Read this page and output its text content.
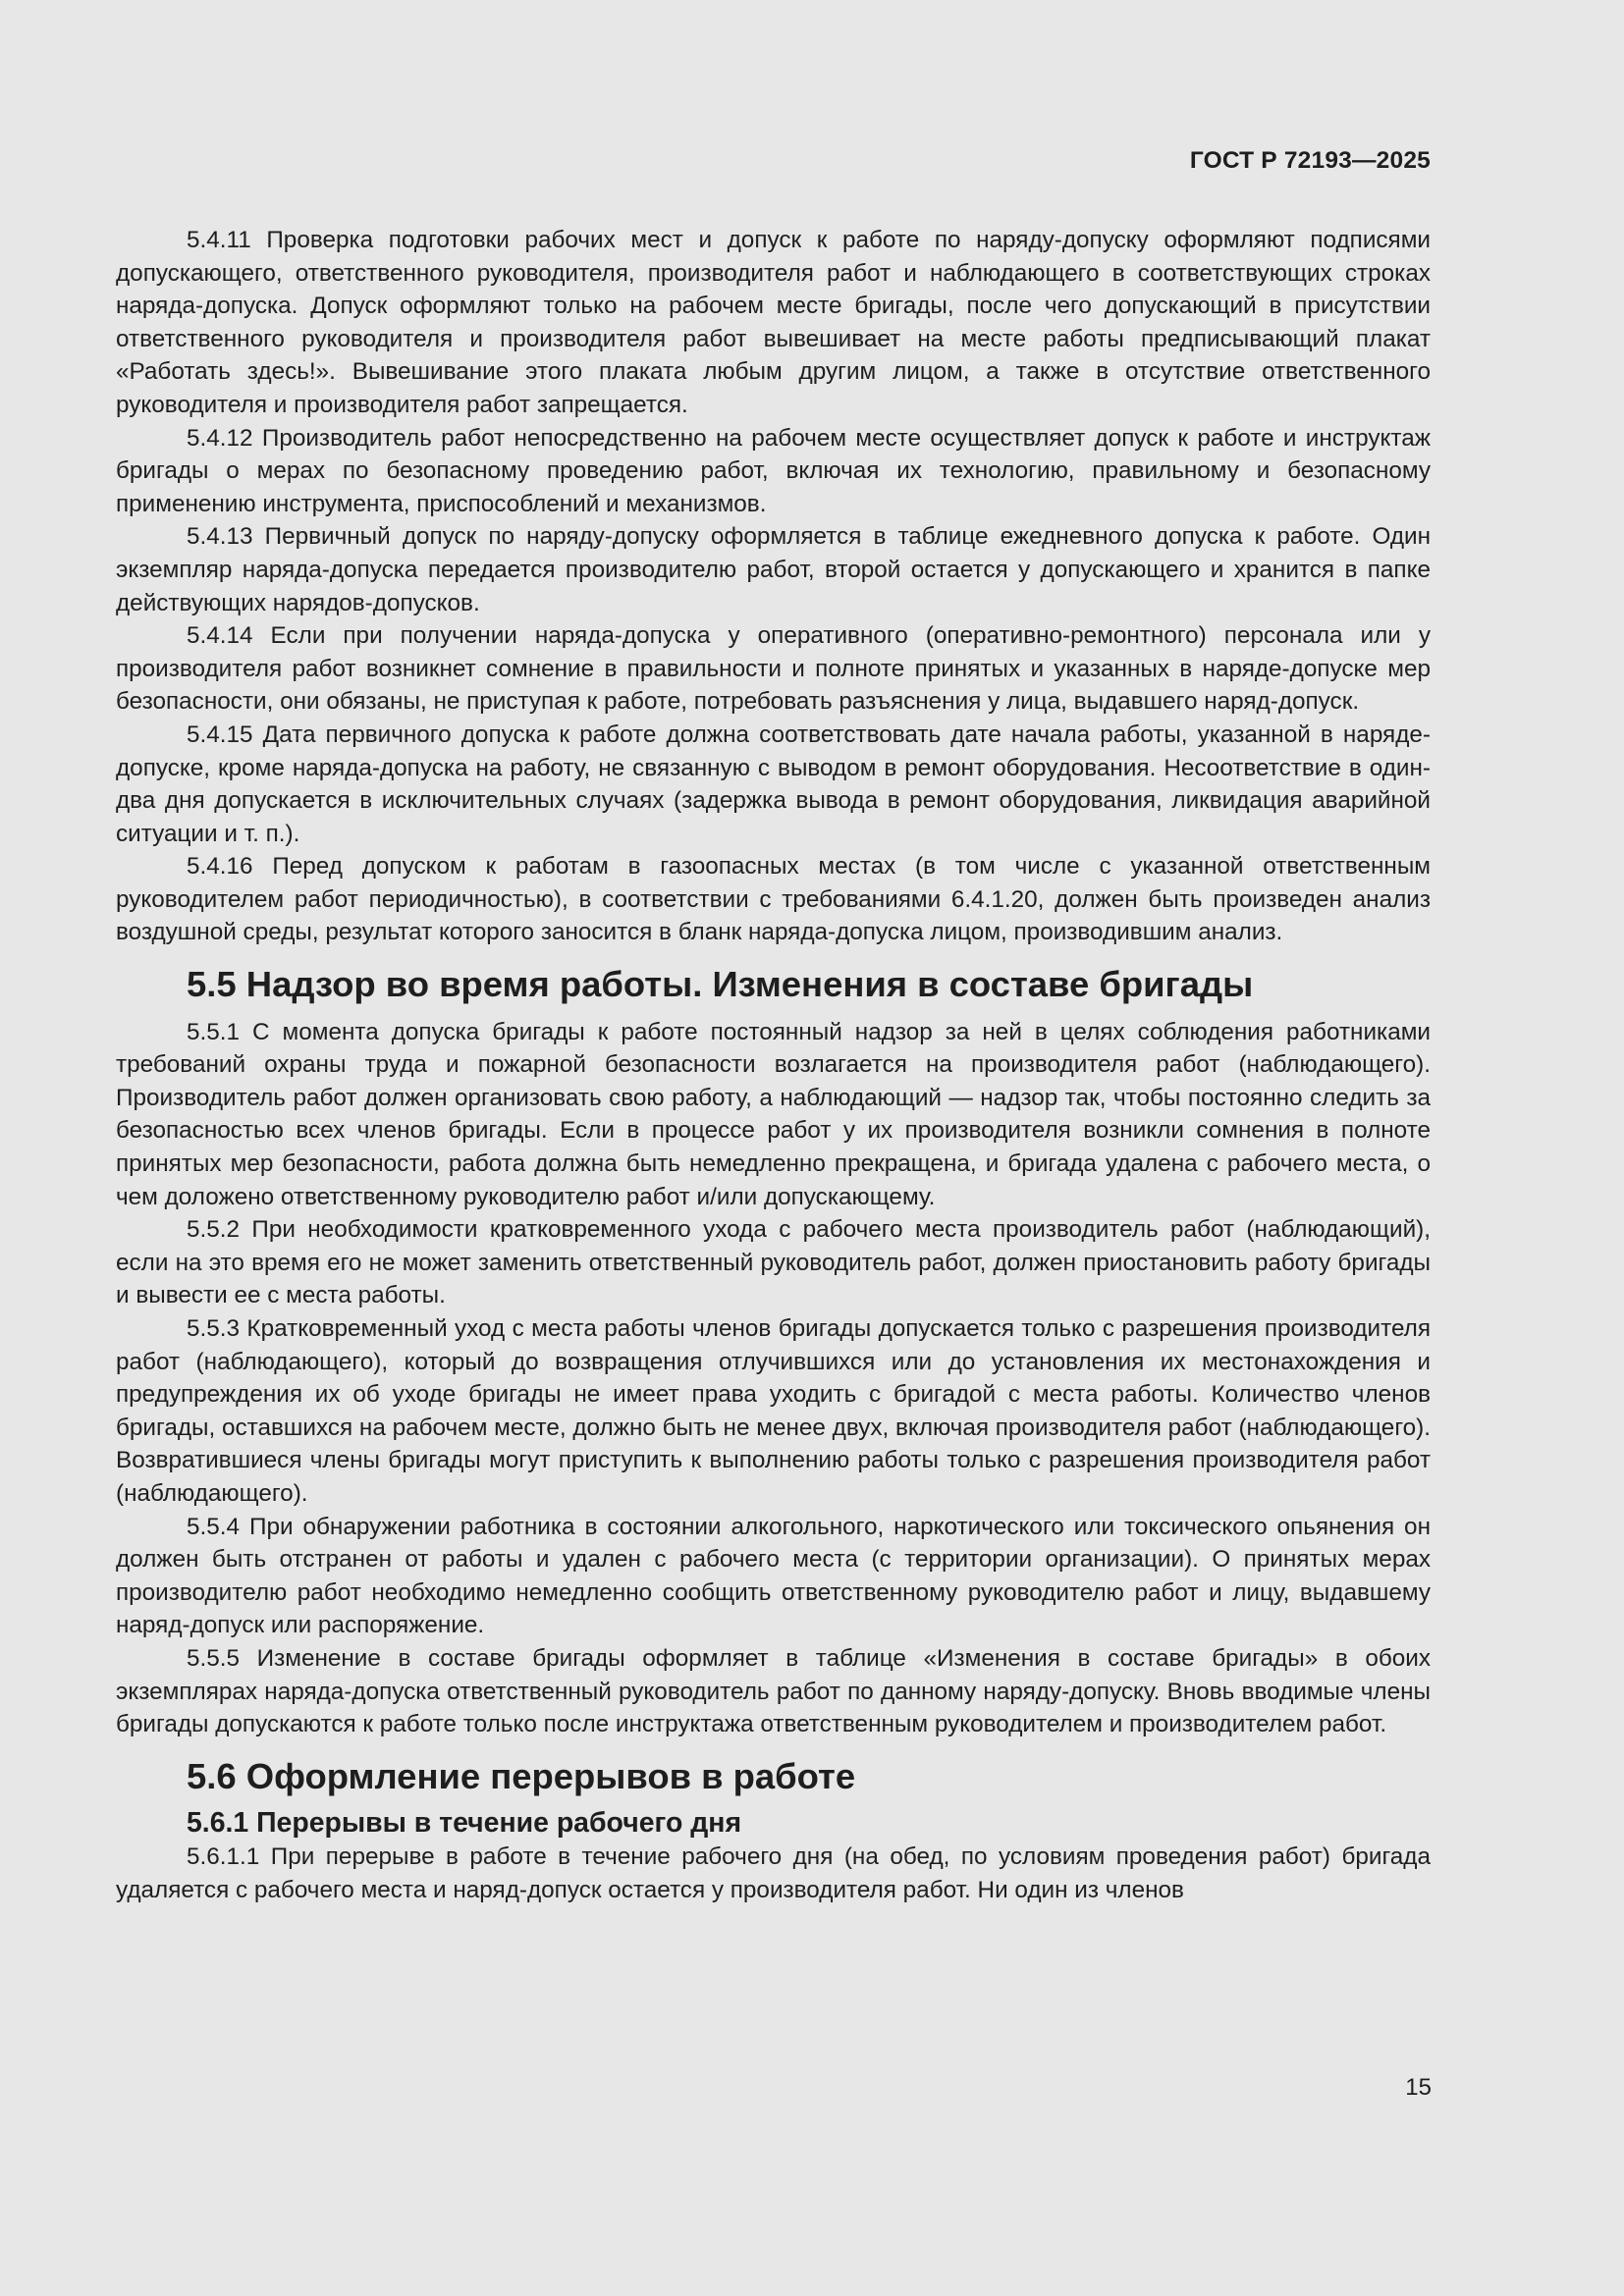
ГОСТ Р 72193—2025

5.4.11 Проверка подготовки рабочих мест и допуск к работе по наряду-допуску оформляют подписями допускающего, ответственного руководителя, производителя работ и наблюдающего в соответствующих строках наряда-допуска. Допуск оформляют только на рабочем месте бригады, после чего допускающий в присутствии ответственного руководителя и производителя работ вывешивает на месте работы предписывающий плакат «Работать здесь!». Вывешивание этого плаката любым другим лицом, а также в отсутствие ответственного руководителя и производителя работ запрещается.

5.4.12 Производитель работ непосредственно на рабочем месте осуществляет допуск к работе и инструктаж бригады о мерах по безопасному проведению работ, включая их технологию, правильному и безопасному применению инструмента, приспособлений и механизмов.

5.4.13 Первичный допуск по наряду-допуску оформляется в таблице ежедневного допуска к работе. Один экземпляр наряда-допуска передается производителю работ, второй остается у допускающего и хранится в папке действующих нарядов-допусков.

5.4.14 Если при получении наряда-допуска у оперативного (оперативно-ремонтного) персонала или у производителя работ возникнет сомнение в правильности и полноте принятых и указанных в наряде-допуске мер безопасности, они обязаны, не приступая к работе, потребовать разъяснения у лица, выдавшего наряд-допуск.

5.4.15 Дата первичного допуска к работе должна соответствовать дате начала работы, указанной в наряде-допуске, кроме наряда-допуска на работу, не связанную с выводом в ремонт оборудования. Несоответствие в один-два дня допускается в исключительных случаях (задержка вывода в ремонт оборудования, ликвидация аварийной ситуации и т. п.).

5.4.16 Перед допуском к работам в газоопасных местах (в том числе с указанной ответственным руководителем работ периодичностью), в соответствии с требованиями 6.4.1.20, должен быть произведен анализ воздушной среды, результат которого заносится в бланк наряда-допуска лицом, производившим анализ.

5.5 Надзор во время работы. Изменения в составе бригады

5.5.1 С момента допуска бригады к работе постоянный надзор за ней в целях соблюдения работниками требований охраны труда и пожарной безопасности возлагается на производителя работ (наблюдающего). Производитель работ должен организовать свою работу, а наблюдающий — надзор так, чтобы постоянно следить за безопасностью всех членов бригады. Если в процессе работ у их производителя возникли сомнения в полноте принятых мер безопасности, работа должна быть немедленно прекращена, и бригада удалена с рабочего места, о чем доложено ответственному руководителю работ и/или допускающему.

5.5.2 При необходимости кратковременного ухода с рабочего места производитель работ (наблюдающий), если на это время его не может заменить ответственный руководитель работ, должен приостановить работу бригады и вывести ее с места работы.

5.5.3 Кратковременный уход с места работы членов бригады допускается только с разрешения производителя работ (наблюдающего), который до возвращения отлучившихся или до установления их местонахождения и предупреждения их об уходе бригады не имеет права уходить с бригадой с места работы. Количество членов бригады, оставшихся на рабочем месте, должно быть не менее двух, включая производителя работ (наблюдающего). Возвратившиеся члены бригады могут приступить к выполнению работы только с разрешения производителя работ (наблюдающего).

5.5.4 При обнаружении работника в состоянии алкогольного, наркотического или токсического опьянения он должен быть отстранен от работы и удален с рабочего места (с территории организации). О принятых мерах производителю работ необходимо немедленно сообщить ответственному руководителю работ и лицу, выдавшему наряд-допуск или распоряжение.

5.5.5 Изменение в составе бригады оформляет в таблице «Изменения в составе бригады» в обоих экземплярах наряда-допуска ответственный руководитель работ по данному наряду-допуску. Вновь вводимые члены бригады допускаются к работе только после инструктажа ответственным руководителем и производителем работ.

5.6 Оформление перерывов в работе
5.6.1 Перерывы в течение рабочего дня

5.6.1.1 При перерыве в работе в течение рабочего дня (на обед, по условиям проведения работ) бригада удаляется с рабочего места и наряд-допуск остается у производителя работ. Ни один из членов

15
